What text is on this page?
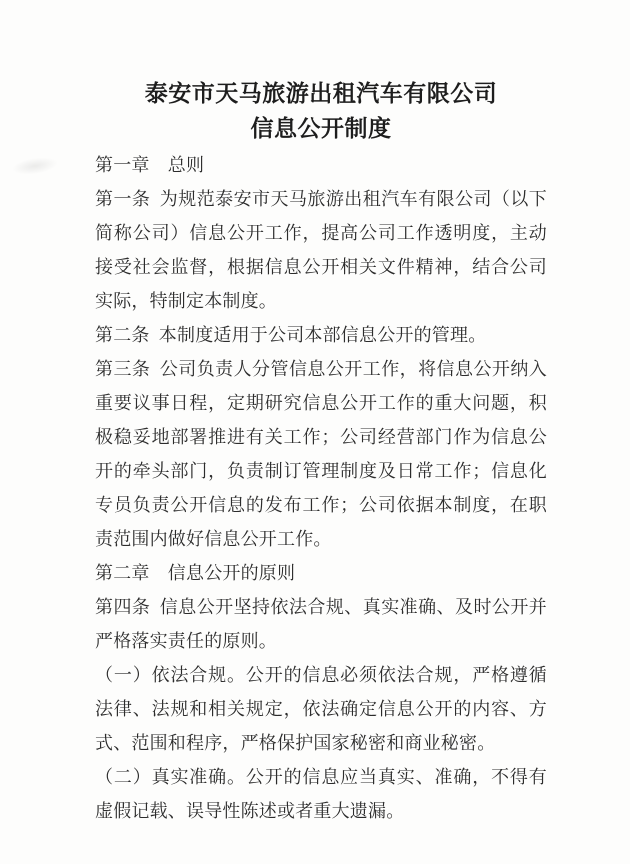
泰安市天马旅游出租汽车有限公司

信息公开制度

第一章　总则

第一条 为规范泰安市天马旅游出租汽车有限公司（以下简称公司）信息公开工作，提高公司工作透明度，主动接受社会监督，根据信息公开相关文件精神，结合公司实际，特制定本制度。

第二条 本制度适用于公司本部信息公开的管理。

第三条 公司负责人分管信息公开工作，将信息公开纳入重要议事日程，定期研究信息公开工作的重大问题，积极稳妥地部署推进有关工作；公司经营部门作为信息公开的牵头部门，负责制订管理制度及日常工作；信息化专员负责公开信息的发布工作；公司依据本制度，在职责范围内做好信息公开工作。

第二章　信息公开的原则

第四条 信息公开坚持依法合规、真实准确、及时公开并严格落实责任的原则。

（一）依法合规。公开的信息必须依法合规，严格遵循法律、法规和相关规定，依法确定信息公开的内容、方式、范围和程序，严格保护国家秘密和商业秘密。

（二）真实准确。公开的信息应当真实、准确，不得有虚假记载、误导性陈述或者重大遗漏。
